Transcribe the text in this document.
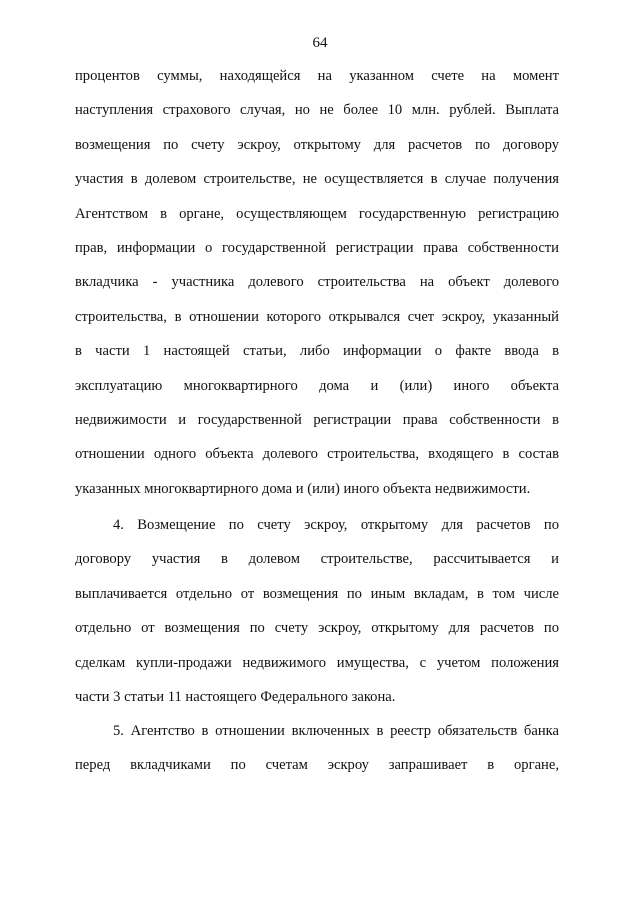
64
процентов суммы, находящейся на указанном счете на момент
наступления страхового случая, но не более 10 млн. рублей. Выплата
возмещения по счету эскроу, открытому для расчетов по договору
участия в долевом строительстве, не осуществляется в случае получения
Агентством в органе, осуществляющем государственную регистрацию
прав, информации о государственной регистрации права собственности
вкладчика - участника долевого строительства на объект долевого
строительства, в отношении которого открывался счет эскроу, указанный
в части 1 настоящей статьи, либо информации о факте ввода в
эксплуатацию многоквартирного дома и (или) иного объекта
недвижимости и государственной регистрации права собственности в
отношении одного объекта долевого строительства, входящего в состав
указанных многоквартирного дома и (или) иного объекта недвижимости.
4. Возмещение по счету эскроу, открытому для расчетов по
договору участия в долевом строительстве, рассчитывается и
выплачивается отдельно от возмещения по иным вкладам, в том числе
отдельно от возмещения по счету эскроу, открытому для расчетов по
сделкам купли-продажи недвижимого имущества, с учетом положения
части 3 статьи 11 настоящего Федерального закона.
5. Агентство в отношении включенных в реестр обязательств банка
перед вкладчиками по счетам эскроу запрашивает в органе,
